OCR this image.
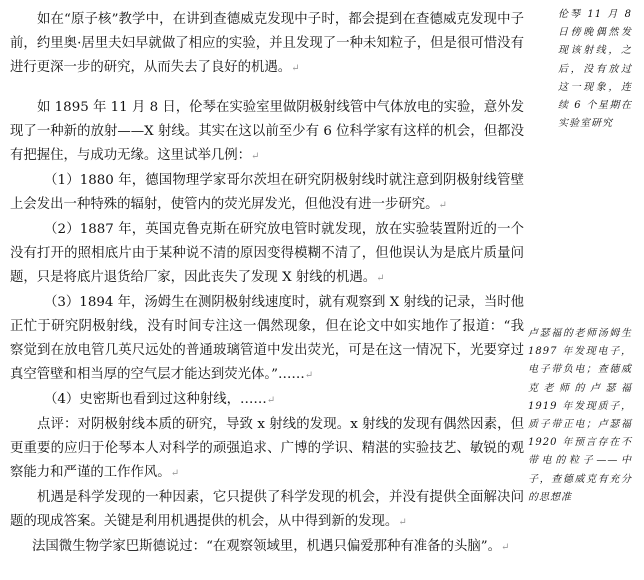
如在“原子核”教学中，在讲到查德威克发现中子时，都会提到在查德威克发现中子前，约里奥·居里夫妇早就做了相应的实验，并且发现了一种未知粒子，但是很可惜没有进行更深一步的研究，从而失去了良好的机遇。↵

如 1895 年 11 月 8 日，伦琴在实验室里做阴极射线管中气体放电的实验，意外发现了一种新的放射——X 射线。其实在这以前至少有 6 位科学家有这样的机会，但都没有把握住，与成功无缘。这里试举几例：↵

（1）1880 年，德国物理学家哥尔茨坦在研究阴极射线时就注意到阴极射线管壁上会发出一种特殊的辐射，使管内的荧光屏发光，但他没有进一步研究。↵

（2）1887 年，英国克鲁克斯在研究放电管时就发现，放在实验装置附近的一个没有打开的照相底片由于某种说不清的原因变得模糊不清了，但他误认为是底片质量问题，只是将底片退货给厂家，因此丧失了发现 X 射线的机遇。↵

（3）1894 年，汤姆生在测阴极射线速度时，就有观察到 X 射线的记录，当时他正忙于研究阴极射线，没有时间专注这一偶然现象，但在论文中如实地作了报道：“我察觉到在放电管几英尺远处的普通玻璃管道中发出荧光，可是在这一情况下，光要穿过真空管壁和相当厚的空气层才能达到荧光体。”……↵

（4）史密斯也看到过这种射线，……↵

点评：对阴极射线本质的研究，导致 x 射线的发现。x 射线的发现有偶然因素，但更重要的应归于伦琴本人对科学的顽强追求、广博的学识、精湛的实验技艺、敏锐的观察能力和严谨的工作作风。↵

机遇是科学发现的一种因素，它只提供了科学发现的机会，并没有提供全面解决问题的现成答案。关键是利用机遇提供的机会，从中得到新的发现。↵

法国微生物学家巴斯德说过：“在观察领域里，机遇只偏爱那种有准备的头脑”。↵

伦琴 11 月 8 日傍晚偶然发现该射线，之后，没有放过这一现象，连续 6 个星期在实验室研究
卢瑟福的老师汤姆生 1897 年发现电子，电子带负电；查德威克老师的卢瑟福 1919 年发现质子，质子带正电；卢瑟福 1920 年预言存在不带电的粒子——中子，查德威克有充分的思想准
